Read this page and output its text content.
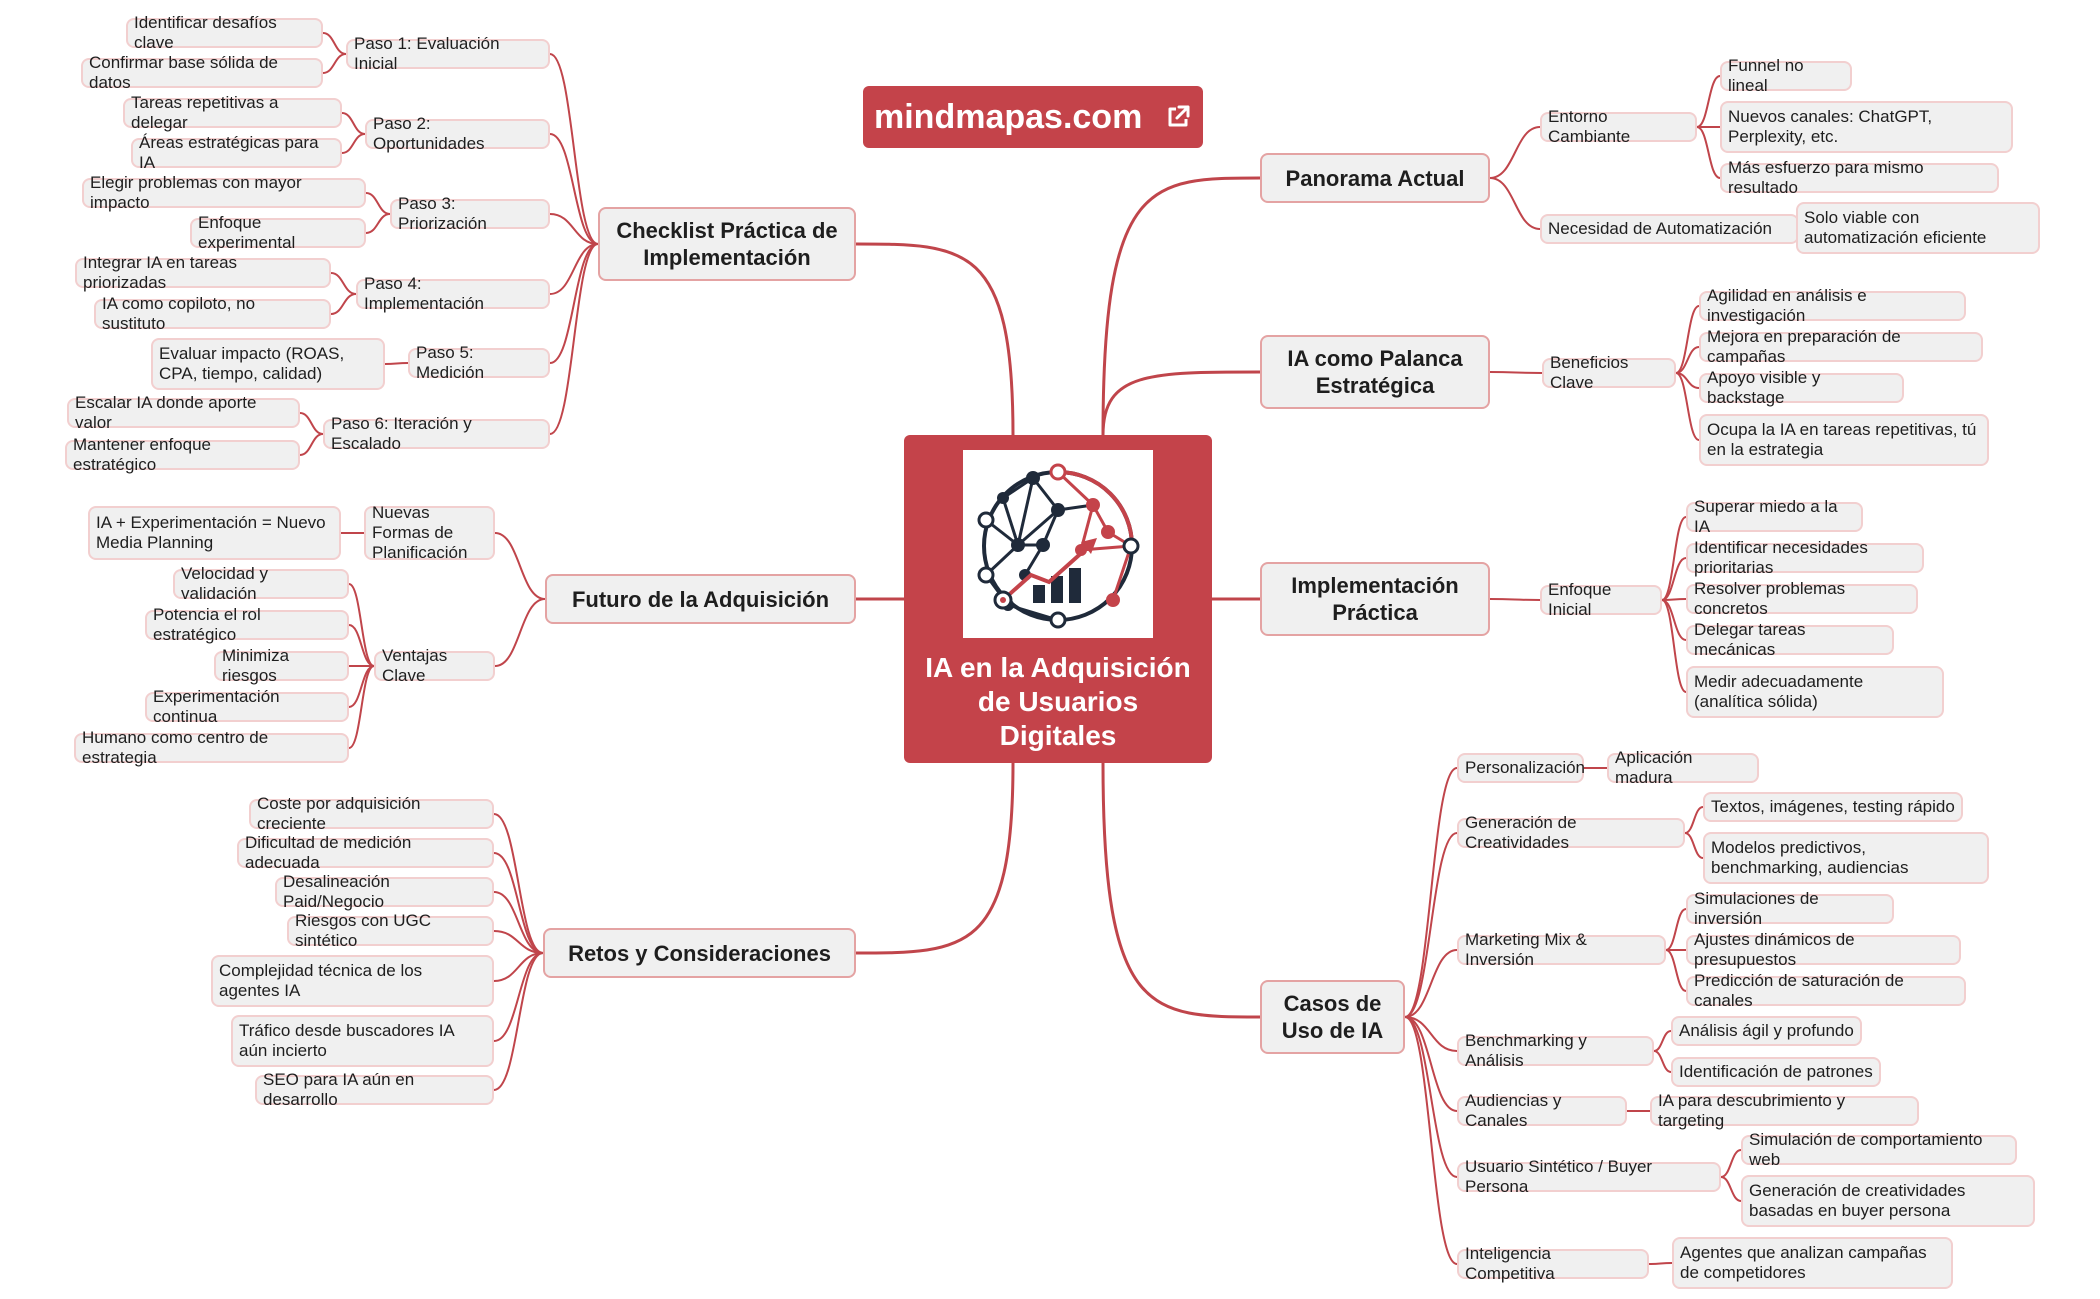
mindmapas.com
IA en la Adquisición de Usuarios Digitales
Checklist Práctica de Implementación
Paso 1: Evaluación Inicial
Identificar desafíos clave
Confirmar base sólida de datos
Paso 2: Oportunidades
Tareas repetitivas a delegar
Áreas estratégicas para IA
Paso 3: Priorización
Elegir problemas con mayor impacto
Enfoque experimental
Paso 4: Implementación
Integrar IA en tareas priorizadas
IA como copiloto, no sustituto
Paso 5: Medición
Evaluar impacto (ROAS, CPA, tiempo, calidad)
Paso 6: Iteración y Escalado
Escalar IA donde aporte valor
Mantener enfoque estratégico
Futuro de la Adquisición
Nuevas Formas de Planificación
IA + Experimentación = Nuevo Media Planning
Ventajas Clave
Velocidad y validación
Potencia el rol estratégico
Minimiza riesgos
Experimentación continua
Humano como centro de estrategia
Retos y Consideraciones
Coste por adquisición creciente
Dificultad de medición adecuada
Desalineación Paid/Negocio
Riesgos con UGC sintético
Complejidad técnica de los agentes IA
Tráfico desde buscadores IA aún incierto
SEO para IA aún en desarrollo
Panorama Actual
Entorno Cambiante
Funnel no lineal
Nuevos canales: ChatGPT, Perplexity, etc.
Más esfuerzo para mismo resultado
Necesidad de Automatización
Solo viable con automatización eficiente
IA como Palanca Estratégica
Beneficios Clave
Agilidad en análisis e investigación
Mejora en preparación de campañas
Apoyo visible y backstage
Ocupa la IA en tareas repetitivas, tú en la estrategia
Implementación Práctica
Enfoque Inicial
Superar miedo a la IA
Identificar necesidades prioritarias
Resolver problemas concretos
Delegar tareas mecánicas
Medir adecuadamente (analítica sólida)
Casos de Uso de IA
Personalización
Aplicación madura
Generación de Creatividades
Textos, imágenes, testing rápido
Modelos predictivos, benchmarking, audiencias
Marketing Mix & Inversión
Simulaciones de inversión
Ajustes dinámicos de presupuestos
Predicción de saturación de canales
Benchmarking y Análisis
Análisis ágil y profundo
Identificación de patrones
Audiencias y Canales
IA para descubrimiento y targeting
Usuario Sintético / Buyer Persona
Simulación de comportamiento web
Generación de creatividades basadas en buyer persona
Inteligencia Competitiva
Agentes que analizan campañas de competidores
